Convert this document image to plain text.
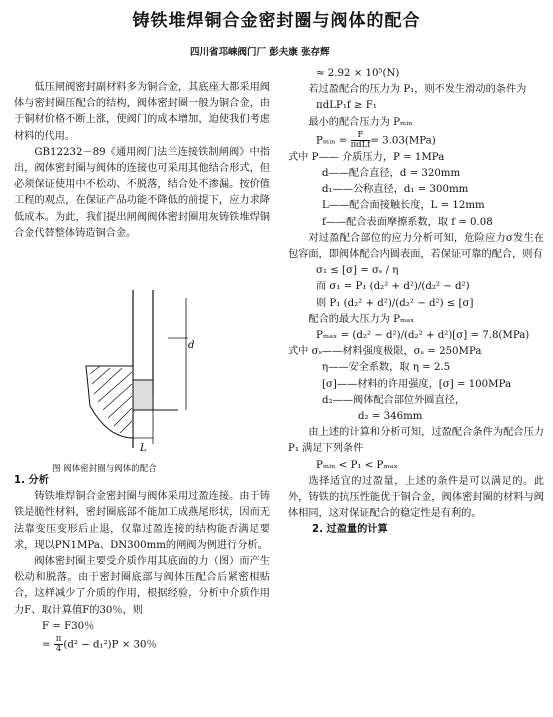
铸铁堆焊铜合金密封圈与阀体的配合
四川省邛崃阀门厂 彭夫康 张存辉

低压闸阀密封副材料多为铜合金，其底座大都采用阀体与密封圈压配合的结构，阀体密封圈一般为铜合金，由于铜材价格不断上涨，使阀门的成本增加，迫使我们考虑材料的代用。

GB12232－89《通用阀门法兰连接铁制闸阀》中指出，阀体密封圈与阀体的连接也可采用其他结合形式，但必须保证使用中不松动、不脱落，结合处不渗漏。按价值工程的观点，在保证产品功能不降低的前提下，应力求降低成本。为此，我们提出闸阀阀体密封圈用灰铸铁堆焊铜合金代替整体铸造铜合金。

d
L
图 阀体密封圈与阀体的配合

1. 分析

铸铁堆焊铜合金密封圈与阀体采用过盈连接。由于铸铁是脆性材料，密封圈底部不能加工成燕尾形状，因而无法靠变压变形后止退，仅靠过盈连接的结构能否满足要求，现以PN1MPa、DN300mm的闸阀为例进行分析。

阀体密封圈主要受介质作用其底面的力（图）而产生松动和脱落。由于密封圈底部与阀体压配合后紧密相贴合，这样减少了介质的作用，根据经验，分析中介质作用力F、取计算值F的30％，则

F = F30％

= $\frac{\pi}{4} (d^2 - d_1^2)P \times 30$％

≈ 2.92 × 10⁵(N)

若过盈配合的压力为 P₁，则不发生滑动的条件为

πdLP₁f ≥ F₁

最小的配合压力为 Pₘᵢₙ

Pₘᵢₙ = $\frac{F}{\text{πdLf}} = 3.03(MPa)$

式中 P—— 介质压力，P = 1MPa

d——配合直径，d = 320mm

d₁——公称直径，d₁ = 300mm

L——配合面接触长度，L = 12mm

f——配合表面摩擦系数，取 f = 0.08

对过盈配合部位的应力分析可知，危险应力σ发生在包容面，即阀体配合内圆表面，若保证可靠的配合，则有

σ₁ ≤ [σ] = σₛ / η

而 σ₁ = P₁ (d₂² + d²)/(d₂² − d²)

则 P₁ (d₂² + d²)/(d₂² − d²) ≤ [σ]

配合的最大压力为 Pₘₐₓ

Pₘₐₓ = (d₂² − d²)/(d₂² + d²)[σ] = 7.8(MPa)

式中 σₛ——材料强度极限，σₛ = 250MPa

η——安全系数，取 η = 2.5

[σ]——材料的许用强度，[σ] = 100MPa

d₂——阀体配合部位外圆直径，

d₂ = 346mm

由上述的计算和分析可知，过盈配合条件为配合压力 P₁ 满足下列条件

Pₘᵢₙ < P₁ < Pₘₐₓ

选择适宜的过盈量，上述的条件是可以满足的。此外，铸铁的抗压性能优于铜合金，阀体密封圈的材料与阀体相同，这对保证配合的稳定性是有利的。

2. 过盈量的计算
